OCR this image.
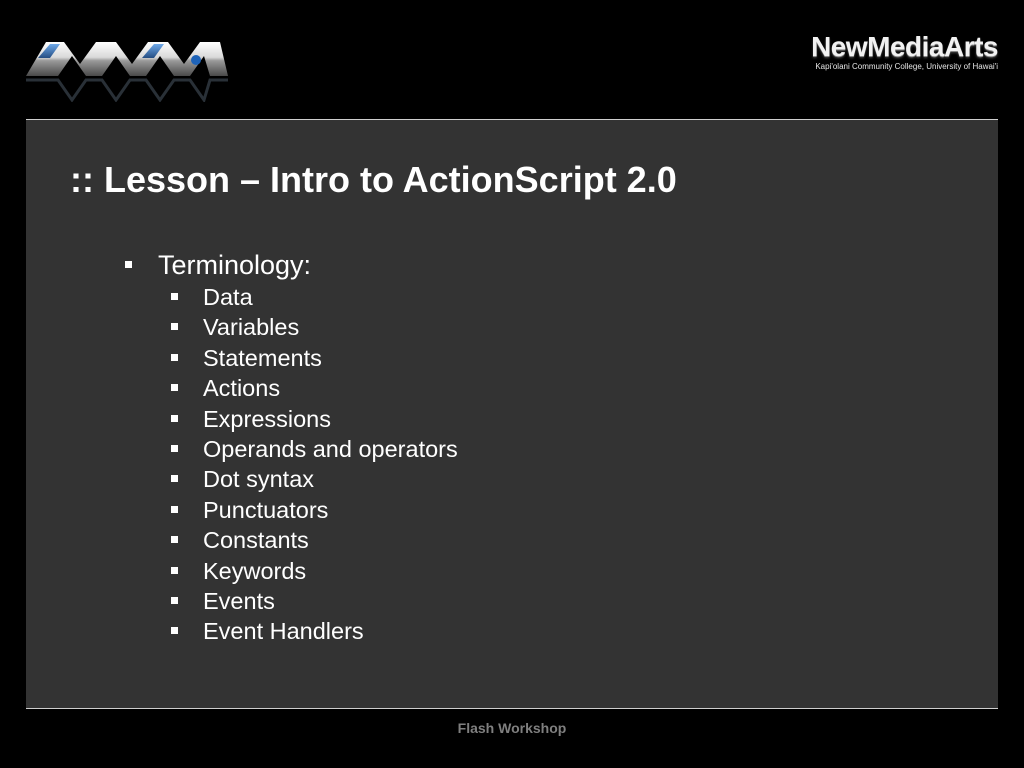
NewMediaArts
Kapi'olani Community College, University of Hawai'i
:: Lesson – Intro to ActionScript 2.0
Terminology:
Data
Variables
Statements
Actions
Expressions
Operands and operators
Dot syntax
Punctuators
Constants
Keywords
Events
Event Handlers
Flash Workshop
